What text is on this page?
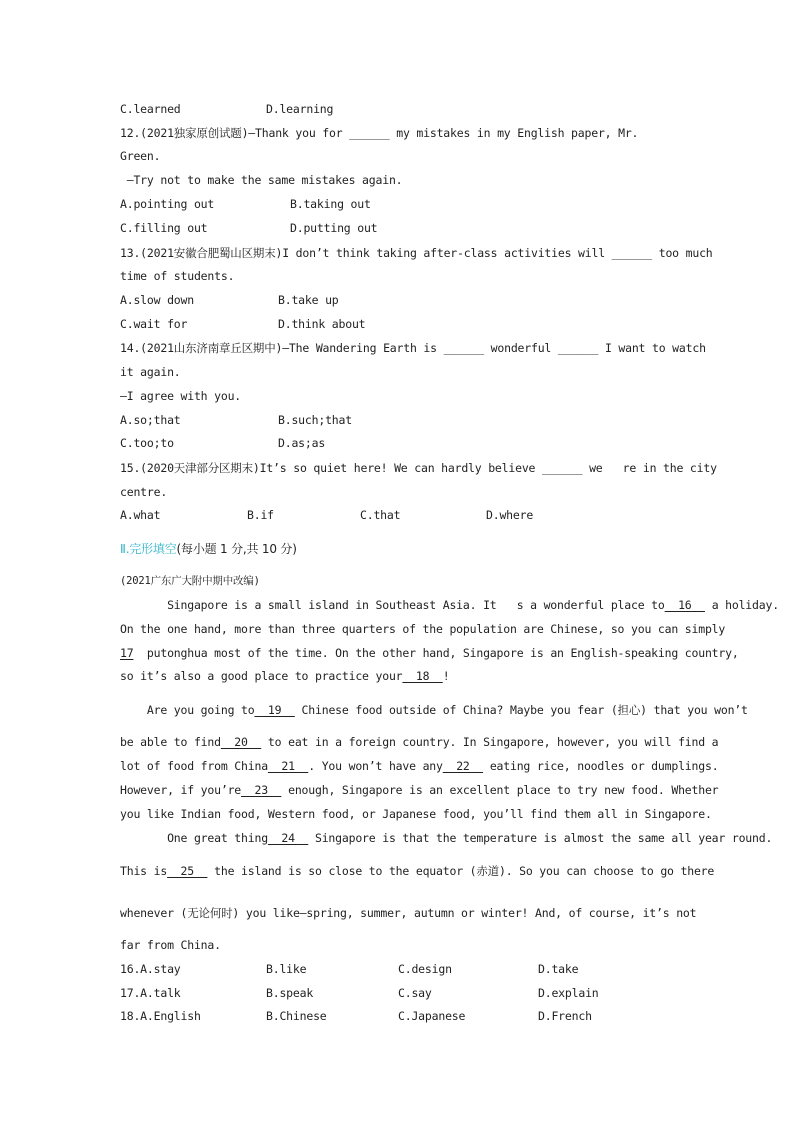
C.learned	D.learning
12.(2021独家原创试题)—Thank you for ______ my mistakes in my English paper, Mr.
Green.
—Try not to make the same mistakes again.
A.pointing out	B.taking out
C.filling out	D.putting out
13.(2021安徽合肥蜀山区期末)I don’t think taking after-class activities will ______ too much
time of students.
A.slow down	B.take up
C.wait for	D.think about
14.(2021山东济南章丘区期中)—The Wandering Earth is ______ wonderful ______ I want to watch
it again.
—I agree with you.
A.so;that	B.such;that
C.too;to	D.as;as
15.(2020天津部分区期末)It’s so quiet here! We can hardly believe ______ we   re in the city
centre.
A.what	B.if	C.that	D.where
Ⅱ.完形填空(每小题 1 分,共 10 分)
(2021广东广大附中期中改编)
Singapore is a small island in Southeast Asia. It   s a wonderful place to  16   a holiday.
On the one hand, more than three quarters of the population are Chinese, so you can simply
17  putonghua most of the time. On the other hand, Singapore is an English-speaking country,
so it’s also a good place to practice your  18  !
Are you going to  19   Chinese food outside of China? Maybe you fear (担心) that you won’t
be able to find  20   to eat in a foreign country. In Singapore, however, you will find a
lot of food from China  21  . You won’t have any  22   eating rice, noodles or dumplings.
However, if you’re  23   enough, Singapore is an excellent place to try new food. Whether
you like Indian food, Western food, or Japanese food, you’ll find them all in Singapore.
One great thing  24   Singapore is that the temperature is almost the same all year round.
This is  25   the island is so close to the equator (赤道). So you can choose to go there
whenever (无论何时) you like—spring, summer, autumn or winter! And, of course, it’s not
far from China.
16.A.stay	B.like	C.design	D.take
17.A.talk	B.speak	C.say	D.explain
18.A.English	B.Chinese	C.Japanese	D.French
